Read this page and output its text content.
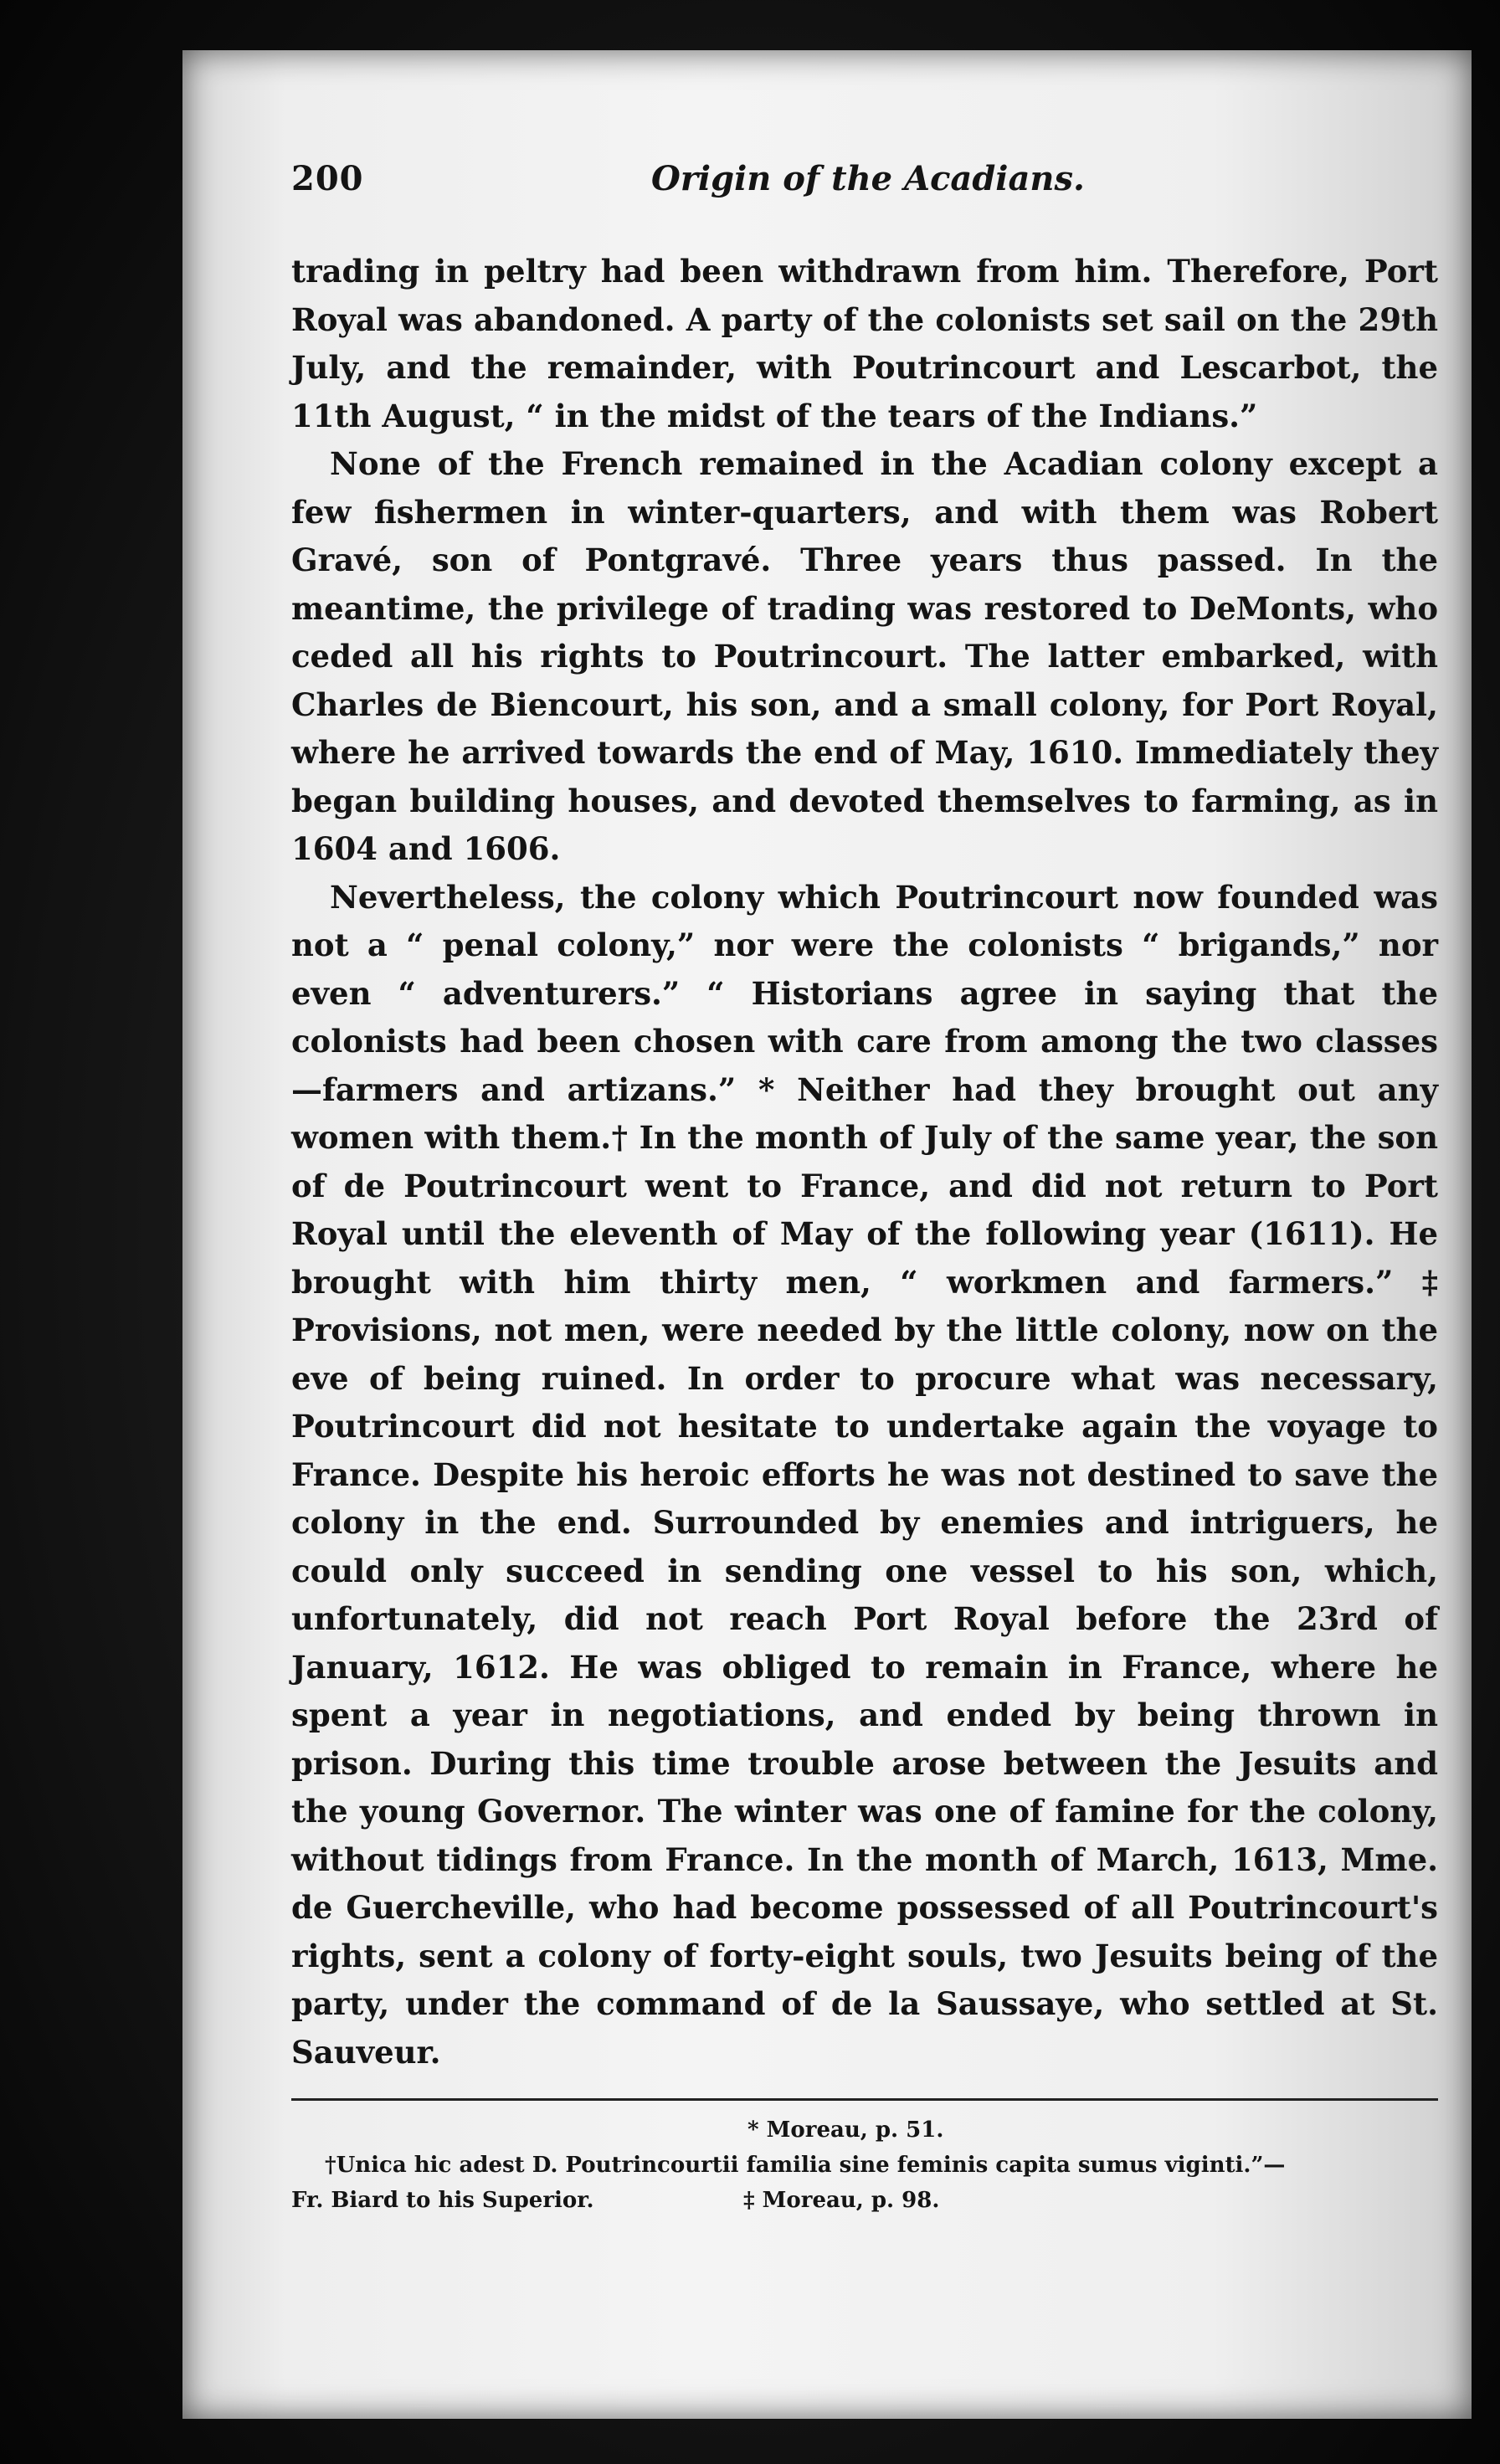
200	Origin of the Acadians.

trading in peltry had been withdrawn from him. Therefore, Port Royal was abandoned. A party of the colonists set sail on the 29th July, and the remainder, with Poutrincourt and Lescarbot, the 11th August, “ in the midst of the tears of the Indians.”

None of the French remained in the Acadian colony except a few fishermen in winter-quarters, and with them was Robert Gravé, son of Pontgravé. Three years thus passed. In the meantime, the privilege of trading was restored to DeMonts, who ceded all his rights to Poutrincourt. The latter embarked, with Charles de Biencourt, his son, and a small colony, for Port Royal, where he arrived towards the end of May, 1610. Immediately they began building houses, and devoted themselves to farming, as in 1604 and 1606.

Nevertheless, the colony which Poutrincourt now founded was not a “ penal colony,” nor were the colonists “ brigands,” nor even “ adventurers.” “ Historians agree in saying that the colonists had been chosen with care from among the two classes—farmers and artizans.” * Neither had they brought out any women with them.† In the month of July of the same year, the son of de Poutrincourt went to France, and did not return to Port Royal until the eleventh of May of the following year (1611). He brought with him thirty men, “ workmen and farmers.” ‡ Provisions, not men, were needed by the little colony, now on the eve of being ruined. In order to procure what was necessary, Poutrincourt did not hesitate to undertake again the voyage to France. Despite his heroic efforts he was not destined to save the colony in the end. Surrounded by enemies and intriguers, he could only succeed in sending one vessel to his son, which, unfortunately, did not reach Port Royal before the 23rd of January, 1612. He was obliged to remain in France, where he spent a year in negotiations, and ended by being thrown in prison. During this time trouble arose between the Jesuits and the young Governor. The winter was one of famine for the colony, without tidings from France. In the month of March, 1613, Mme. de Guercheville, who had become possessed of all Poutrincourt's rights, sent a colony of forty-eight souls, two Jesuits being of the party, under the command of de la Saussaye, who settled at St. Sauveur.

* Moreau, p. 51.
†Unica hic adest D. Poutrincourtii familia sine feminis capita sumus viginti.”—
Fr. Biard to his Superior.	‡ Moreau, p. 98.
